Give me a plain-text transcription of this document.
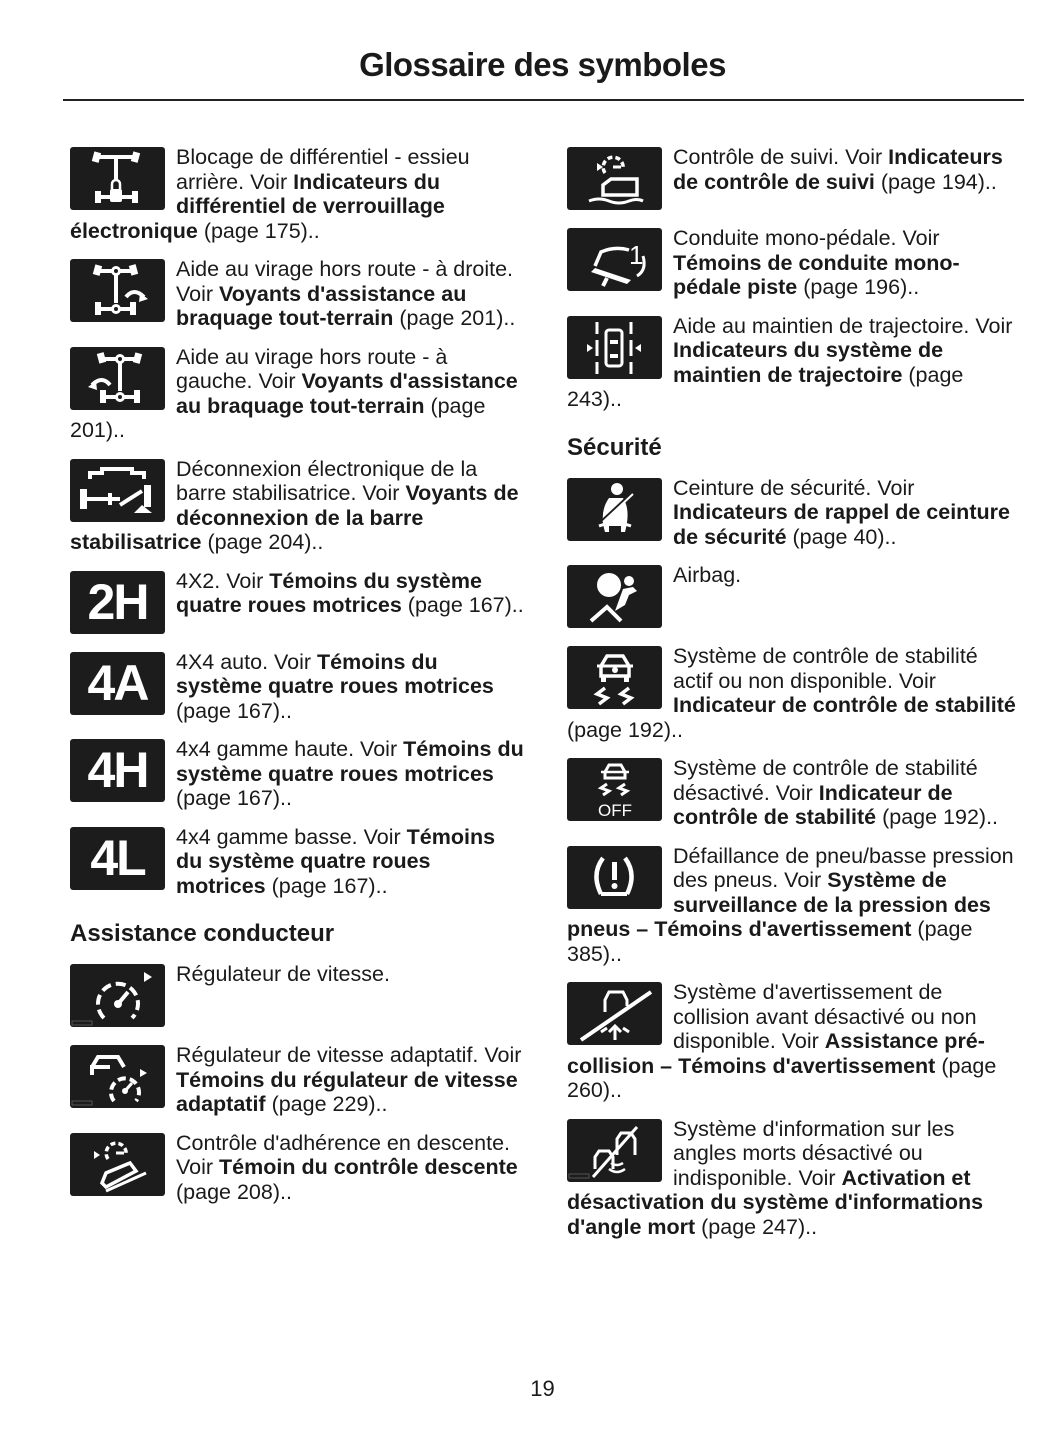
Glossaire des symboles
Blocage de différentiel - essieu arrière. Voir Indicateurs du différentiel de verrouillage électronique (page 175)..
Aide au virage hors route - à droite. Voir Voyants d'assistance au braquage tout-terrain (page 201)..
Aide au virage hors route - à gauche. Voir Voyants d'assistance au braquage tout-terrain (page 201)..
Déconnexion électronique de la barre stabilisatrice. Voir Voyants de déconnexion de la barre stabilisatrice (page 204)..
2H	4X2. Voir Témoins du système quatre roues motrices (page 167)..
4A	4X4 auto. Voir Témoins du système quatre roues motrices (page 167)..
4H	4x4 gamme haute. Voir Témoins du système quatre roues motrices (page 167)..
4L	4x4 gamme basse. Voir Témoins du système quatre roues motrices (page 167)..
Assistance conducteur
Régulateur de vitesse.
Régulateur de vitesse adaptatif. Voir Témoins du régulateur de vitesse adaptatif (page 229)..
Contrôle d'adhérence en descente. Voir Témoin du contrôle descente (page 208)..
Contrôle de suivi. Voir Indicateurs de contrôle de suivi (page 194)..
1
Conduite mono-pédale. Voir Témoins de conduite mono-pédale piste (page 196)..
Aide au maintien de trajectoire. Voir Indicateurs du système de maintien de trajectoire (page 243)..
Sécurité
Ceinture de sécurité. Voir Indicateurs de rappel de ceinture de sécurité (page 40)..
Airbag.
Système de contrôle de stabilité actif ou non disponible. Voir Indicateur de contrôle de stabilité (page 192)..
OFF
Système de contrôle de stabilité désactivé. Voir Indicateur de contrôle de stabilité (page 192)..
Défaillance de pneu/basse pression des pneus. Voir Système de surveillance de la pression des pneus – Témoins d'avertissement (page 385)..
Système d'avertissement de collision avant désactivé ou non disponible. Voir Assistance pré-collision – Témoins d'avertissement (page 260)..
Système d'information sur les angles morts désactivé ou indisponible. Voir Activation et désactivation du système d'informations d'angle mort (page 247)..
19
